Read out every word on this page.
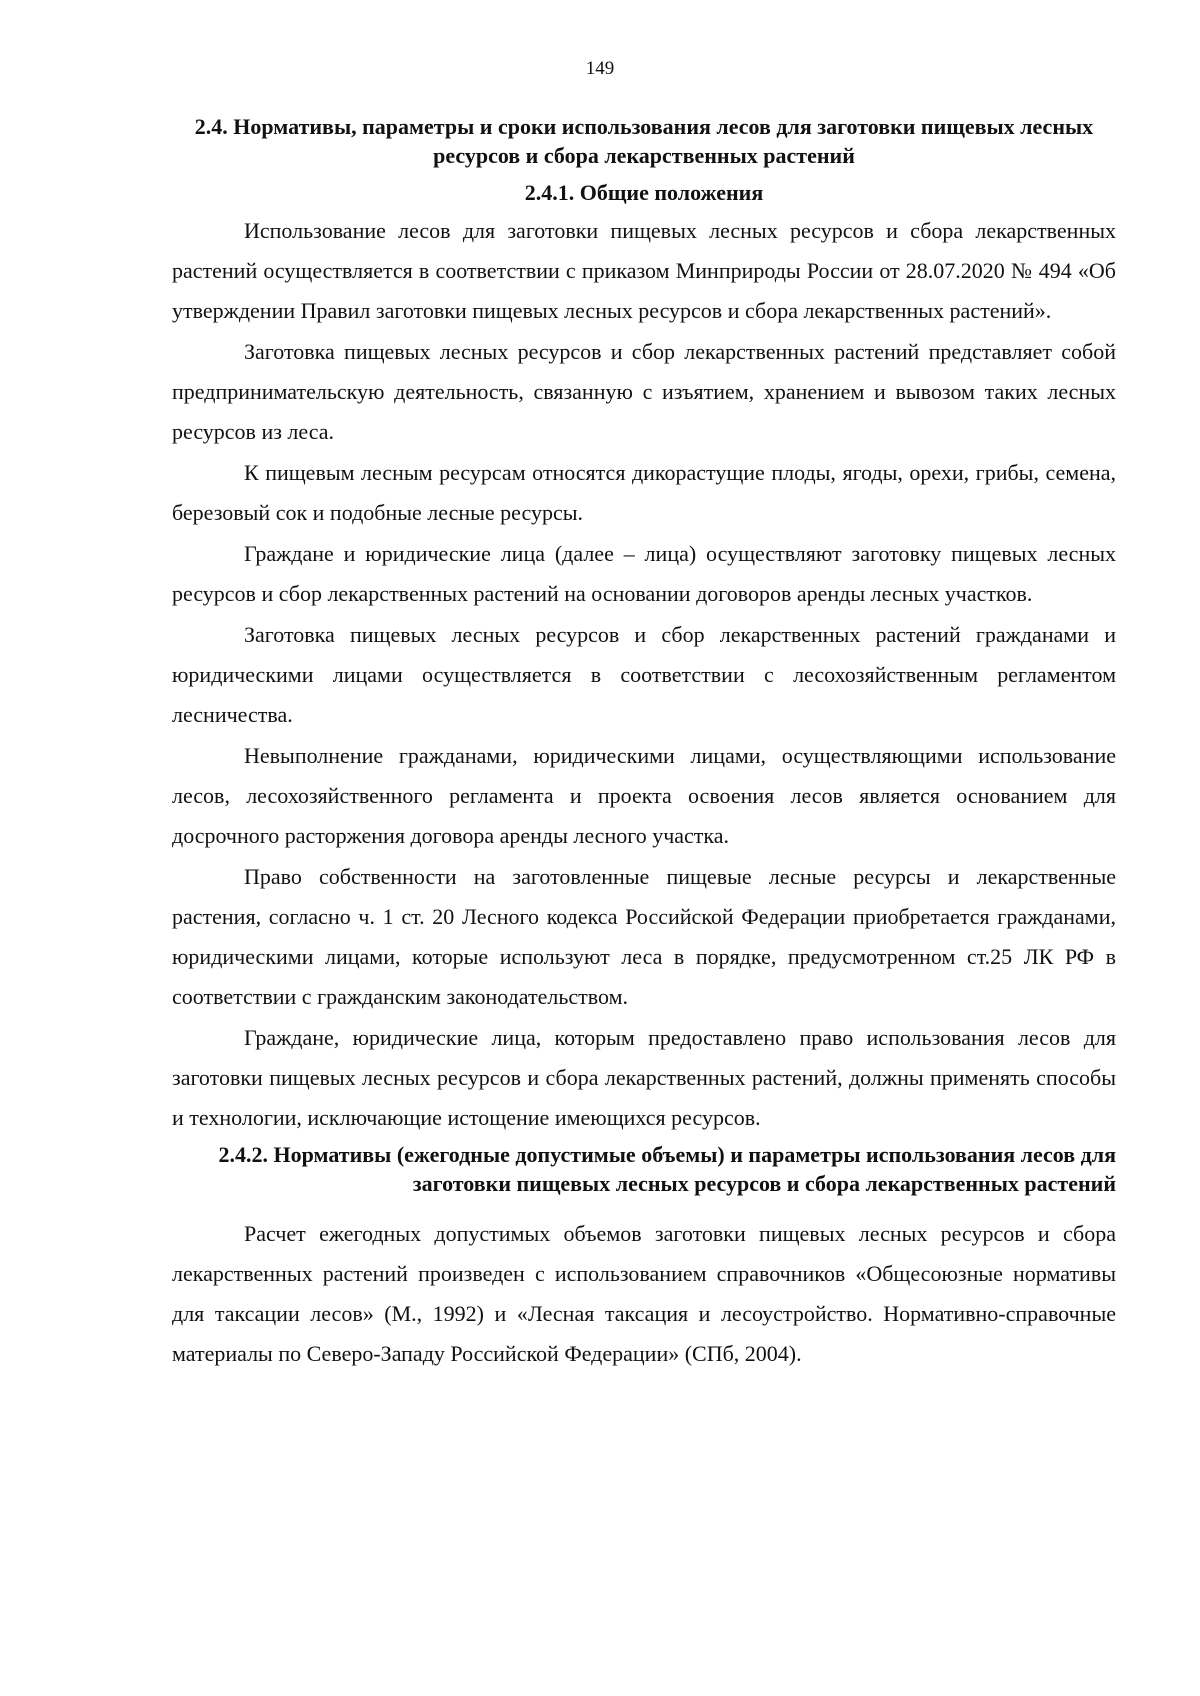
149
2.4. Нормативы, параметры и сроки использования лесов для заготовки пищевых лесных ресурсов и сбора лекарственных растений
2.4.1. Общие положения

Использование лесов для заготовки пищевых лесных ресурсов и сбора лекарственных растений осуществляется в соответствии с приказом Минприроды России от 28.07.2020 № 494 «Об утверждении Правил заготовки пищевых лесных ресурсов и сбора лекарственных растений».

Заготовка пищевых лесных ресурсов и сбор лекарственных растений представляет собой предпринимательскую деятельность, связанную с изъятием, хранением и вывозом таких лесных ресурсов из леса.

К пищевым лесным ресурсам относятся дикорастущие плоды, ягоды, орехи, грибы, семена, березовый сок и подобные лесные ресурсы.

Граждане и юридические лица (далее – лица) осуществляют заготовку пищевых лесных ресурсов и сбор лекарственных растений на основании договоров аренды лесных участков.

Заготовка пищевых лесных ресурсов и сбор лекарственных растений гражданами и юридическими лицами осуществляется в соответствии с лесохозяйственным регламентом лесничества.

Невыполнение гражданами, юридическими лицами, осуществляющими использование лесов, лесохозяйственного регламента и проекта освоения лесов является основанием для досрочного расторжения договора аренды лесного участка.

Право собственности на заготовленные пищевые лесные ресурсы и лекарственные растения, согласно ч. 1 ст. 20 Лесного кодекса Российской Федерации приобретается гражданами, юридическими лицами, которые используют леса в порядке, предусмотренном ст.25 ЛК РФ в соответствии с гражданским законодательством.

Граждане, юридические лица, которым предоставлено право использования лесов для заготовки пищевых лесных ресурсов и сбора лекарственных растений, должны применять способы и технологии, исключающие истощение имеющихся ресурсов.

2.4.2. Нормативы (ежегодные допустимые объемы) и параметры использования лесов для заготовки пищевых лесных ресурсов и сбора лекарственных растений

Расчет ежегодных допустимых объемов заготовки пищевых лесных ресурсов и сбора лекарственных растений произведен с использованием справочников «Общесоюзные нормативы для таксации лесов» (М., 1992) и «Лесная таксация и лесоустройство. Нормативно-справочные материалы по Северо-Западу Российской Федерации» (СПб, 2004).
